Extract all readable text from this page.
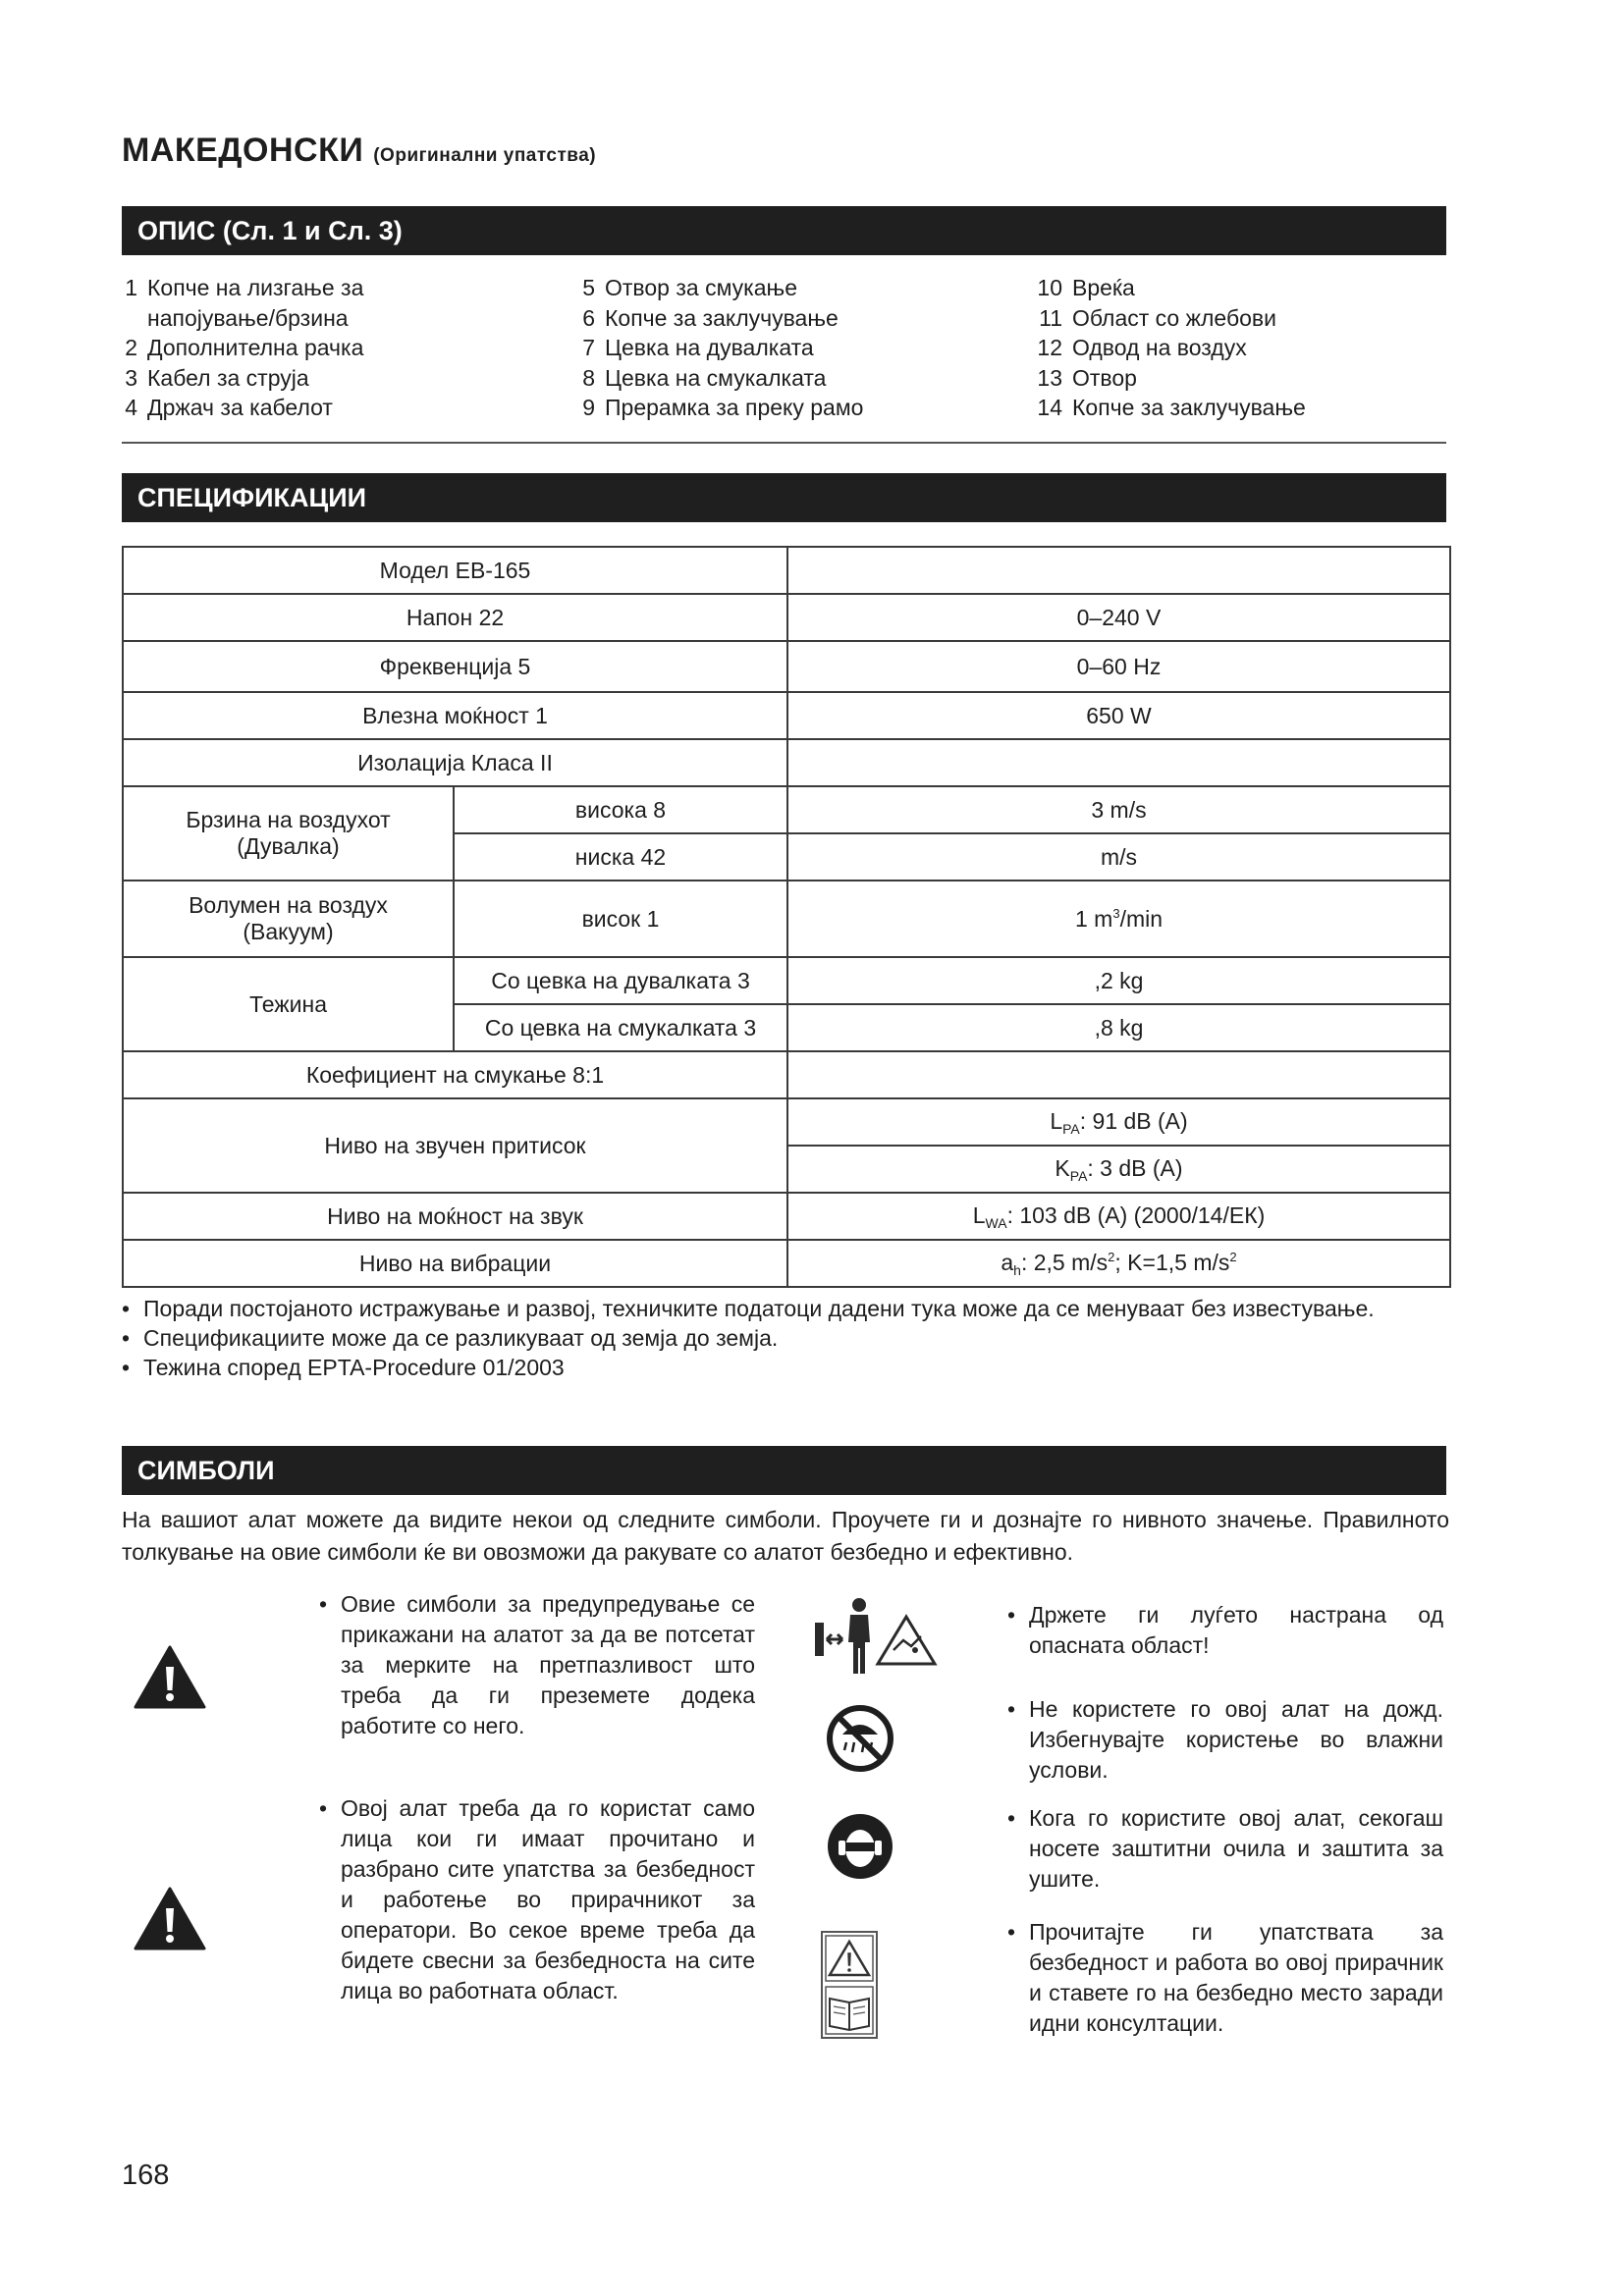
МАКЕДОНСКИ (Оригинални упатства)
ОПИС (Сл. 1 и Сл. 3)
1 Копче на лизгање за
напојување/брзина
2 Дополнителна рачка
3 Кабел за струја
4 Држач за кабелот
5 Отвор за смукање
6 Копче за заклучување
7 Цевка на дувалката
8 Цевка на смукалката
9 Прерамка за преку рамо
10 Вреќа
11 Област со жлебови
12 Одвод на воздух
13 Отвор
14 Копче за заклучување
СПЕЦИФИКАЦИИ
Модел EB-165		
Напон 22		0–240 V
Фреквенција 5		0–60 Hz
Влезна моќност 1		650 W
Изолација Класа II		

Брзина на воздухот
(Дувалка)	висока 8	3 m/s
	ниска 42	m/s

Волумен на воздух
(Вакуум)	висок 1	1 $m^3/\min$
Тежина	Со цевка на дувалката 3	,2 kg
	Со цевка на смукалката 3	,8 kg
Коефициент на смукање 8:1		
Ниво на звучен притисок		$L_{PA}$: 91 dB (A)
		$K_{PA}$: 3 dB (A)
Ниво на моќност на звук		$L_{WA}$: 103 dB (A) (2000/14/ЕК)
Ниво на вибрации		$a_h$: 2,5 $m/s^2$; K=1,5 $m/s^2$
• Поради постојаното истражување и развој, техничките податоци дадени тука може да се менуваат без известување.
• Спецификациите може да се разликуваат од земја до земја.
• Тежина според EPTA-Procedure 01/2003
СИМБОЛИ
На вашиот алат можете да видите некои од следните симболи. Проучете ги и дознајте го нивното значење. Правилното толкување на овие симболи ќе ви овозможи да ракувате со алатот безбедно и ефективно.
• Овие симболи за предупредување се прикажани на алатот за да ве потсетат за мерките на претпазливост што треба да ги преземете додека работите со него.
• Овој алат треба да го користат само лица кои ги имаат прочитано и разбрано сите упатства за безбедност и работење во прирачникот за оператори. Во секое време треба да бидете свесни за безбедноста на сите лица во работната област.
• Држете ги луѓето настрана од опасната област!
• Не користете го овој алат на дожд. Избегнувајте користење во влажни услови.
• Кога го користите овој алат, секогаш носете заштитни очила и заштита за ушите.
• Прочитајте ги упатствата за безбедност и работа во овој прирачник и ставете го на безбедно место заради идни консултации.
168
